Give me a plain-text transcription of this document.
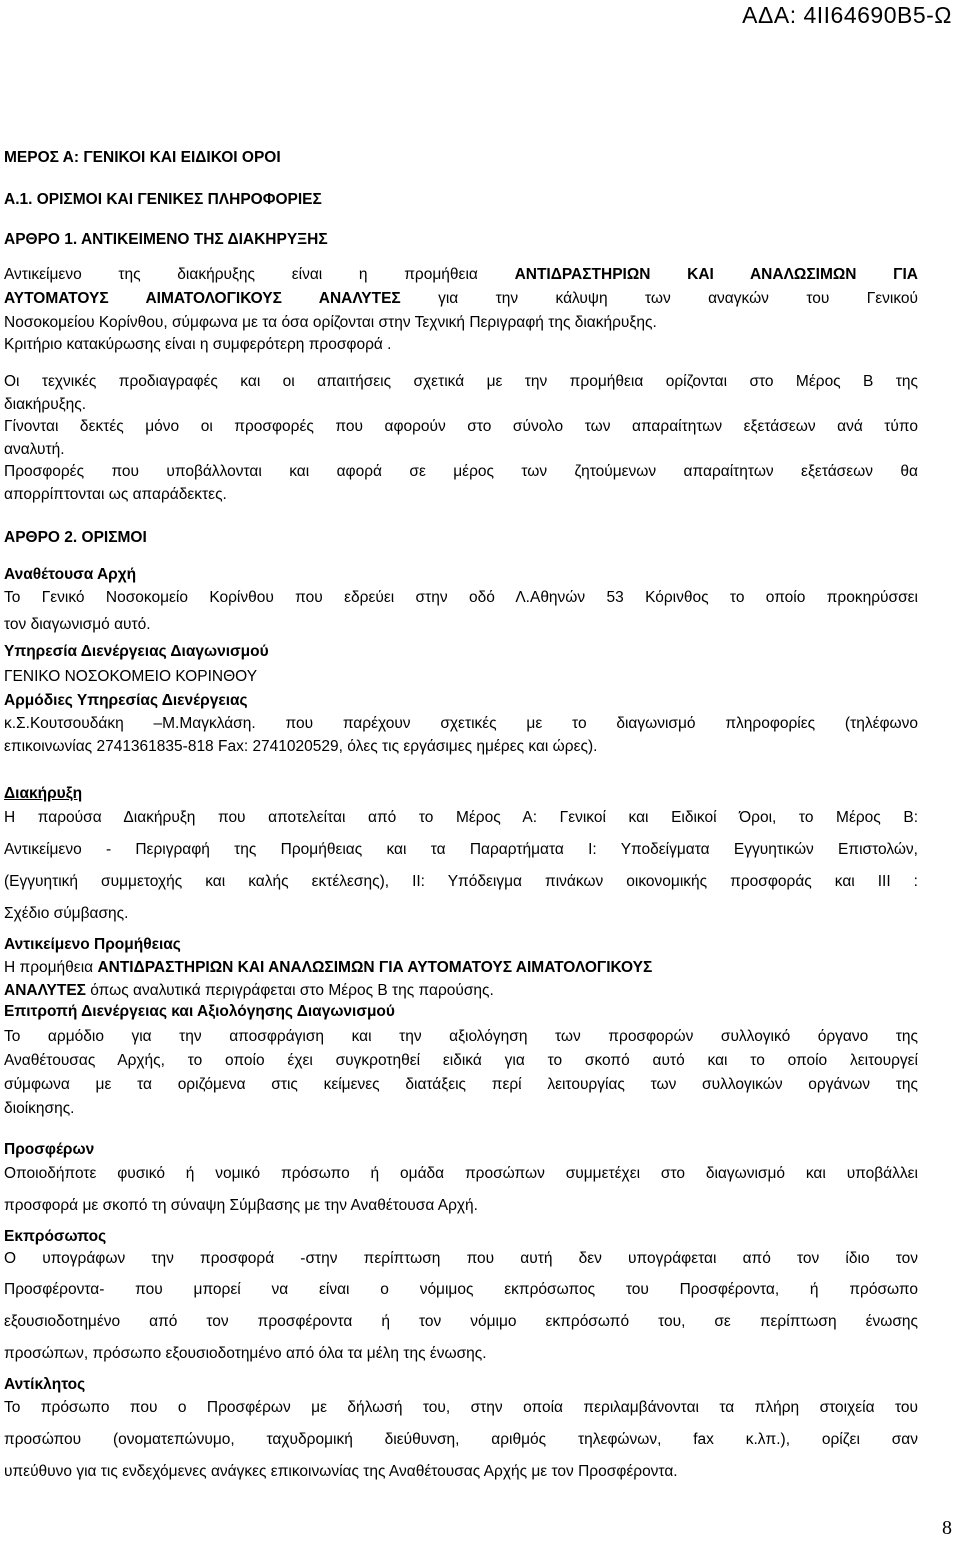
ΑΔΑ: 4ΙΙ64690Β5-Ω
ΜΕΡΟΣ Α: ΓΕΝΙΚΟΙ ΚΑΙ ΕΙΔΙΚΟΙ ΟΡΟΙ
Α.1. ΟΡΙΣΜΟΙ ΚΑΙ ΓΕΝΙΚΕΣ ΠΛΗΡΟΦΟΡΙΕΣ
ΑΡΘΡΟ 1. ΑΝΤΙΚΕΙΜΕΝΟ ΤΗΣ ΔΙΑΚΗΡΥΞΗΣ
Αντικείμενο της διακήρυξης είναι η προμήθεια ΑΝΤΙΔΡΑΣΤΗΡΙΩΝ ΚΑΙ ΑΝΑΛΩΣΙΜΩΝ ΓΙΑ
ΑΥΤΟΜΑΤΟΥΣ ΑΙΜΑΤΟΛΟΓΙΚΟΥΣ ΑΝΑΛΥΤΕΣ για την κάλυψη των αναγκών του Γενικού
Νοσοκομείου Κορίνθου, σύμφωνα με τα όσα ορίζονται στην Τεχνική Περιγραφή της διακήρυξης.
Κριτήριο κατακύρωσης είναι η συμφερότερη προσφορά .
Οι τεχνικές προδιαγραφές και οι απαιτήσεις σχετικά με την προμήθεια ορίζονται στο Μέρος Β της
διακήρυξης.
Γίνονται δεκτές μόνο οι προσφορές που αφορούν στο σύνολο των απαραίτητων εξετάσεων ανά τύπο
αναλυτή.
Προσφορές που υποβάλλονται και αφορά σε μέρος των ζητούμενων απαραίτητων εξετάσεων θα
απορρίπτονται ως απαράδεκτες.
ΑΡΘΡΟ 2. ΟΡΙΣΜΟΙ
Αναθέτουσα Αρχή
Το Γενικό Νοσοκομείο Κορίνθου που εδρεύει στην οδό Λ.Αθηνών 53 Κόρινθος το οποίο προκηρύσσει
τον διαγωνισμό αυτό.
Υπηρεσία Διενέργειας Διαγωνισμού
ΓΕΝΙΚΟ ΝΟΣΟΚΟΜΕΙΟ ΚΟΡΙΝΘΟΥ
Αρμόδιες Υπηρεσίας Διενέργειας
κ.Σ.Κουτσουδάκη –Μ.Μαγκλάση. που παρέχουν σχετικές με το διαγωνισμό πληροφορίες (τηλέφωνο
επικοινωνίας 2741361835-818 Fax: 2741020529, όλες τις εργάσιμες ημέρες και ώρες).
Διακήρυξη
Η παρούσα Διακήρυξη που αποτελείται από το Μέρος Α: Γενικοί και Ειδικοί Όροι, το Μέρος Β:
Αντικείμενο - Περιγραφή της Προμήθειας και τα Παραρτήματα Ι: Υποδείγματα Εγγυητικών Επιστολών,
(Εγγυητική συμμετοχής και καλής εκτέλεσης), ΙΙ: Υπόδειγμα πινάκων οικονομικής προσφοράς και ΙΙΙ :
Σχέδιο σύμβασης.
Αντικείμενο Προμήθειας
Η προμήθεια ΑΝΤΙΔΡΑΣΤΗΡΙΩΝ ΚΑΙ ΑΝΑΛΩΣΙΜΩΝ ΓΙΑ ΑΥΤΟΜΑΤΟΥΣ ΑΙΜΑΤΟΛΟΓΙΚΟΥΣ
ΑΝΑΛΥΤΕΣ όπως αναλυτικά περιγράφεται στο Μέρος Β της παρούσης.
Επιτροπή Διενέργειας και Αξιολόγησης Διαγωνισμού
Το αρμόδιο για την αποσφράγιση και την αξιολόγηση των προσφορών συλλογικό όργανο της
Αναθέτουσας Αρχής, το οποίο έχει συγκροτηθεί ειδικά για το σκοπό αυτό και το οποίο λειτουργεί
σύμφωνα με τα οριζόμενα στις κείμενες διατάξεις περί λειτουργίας των συλλογικών οργάνων της
διοίκησης.
Προσφέρων
Οποιοδήποτε φυσικό ή νομικό πρόσωπο ή ομάδα προσώπων συμμετέχει στο διαγωνισμό και υποβάλλει
προσφορά με σκοπό τη σύναψη Σύμβασης με την Αναθέτουσα Αρχή.
Εκπρόσωπος
Ο υπογράφων την προσφορά -στην περίπτωση που αυτή δεν υπογράφεται από τον ίδιο τον
Προσφέροντα- που μπορεί να είναι ο νόμιμος εκπρόσωπος του Προσφέροντα, ή πρόσωπο
εξουσιοδοτημένο από τον προσφέροντα ή τον νόμιμο εκπρόσωπό του, σε περίπτωση ένωσης
προσώπων, πρόσωπο εξουσιοδοτημένο από όλα τα μέλη της ένωσης.
Αντίκλητος
Το πρόσωπο που ο Προσφέρων με δήλωσή του, στην οποία περιλαμβάνονται τα πλήρη στοιχεία του
προσώπου (ονοματεπώνυμο, ταχυδρομική διεύθυνση, αριθμός τηλεφώνων, fax κ.λπ.), ορίζει σαν
υπεύθυνο για τις ενδεχόμενες ανάγκες επικοινωνίας της Αναθέτουσας Αρχής με τον Προσφέροντα.
8
